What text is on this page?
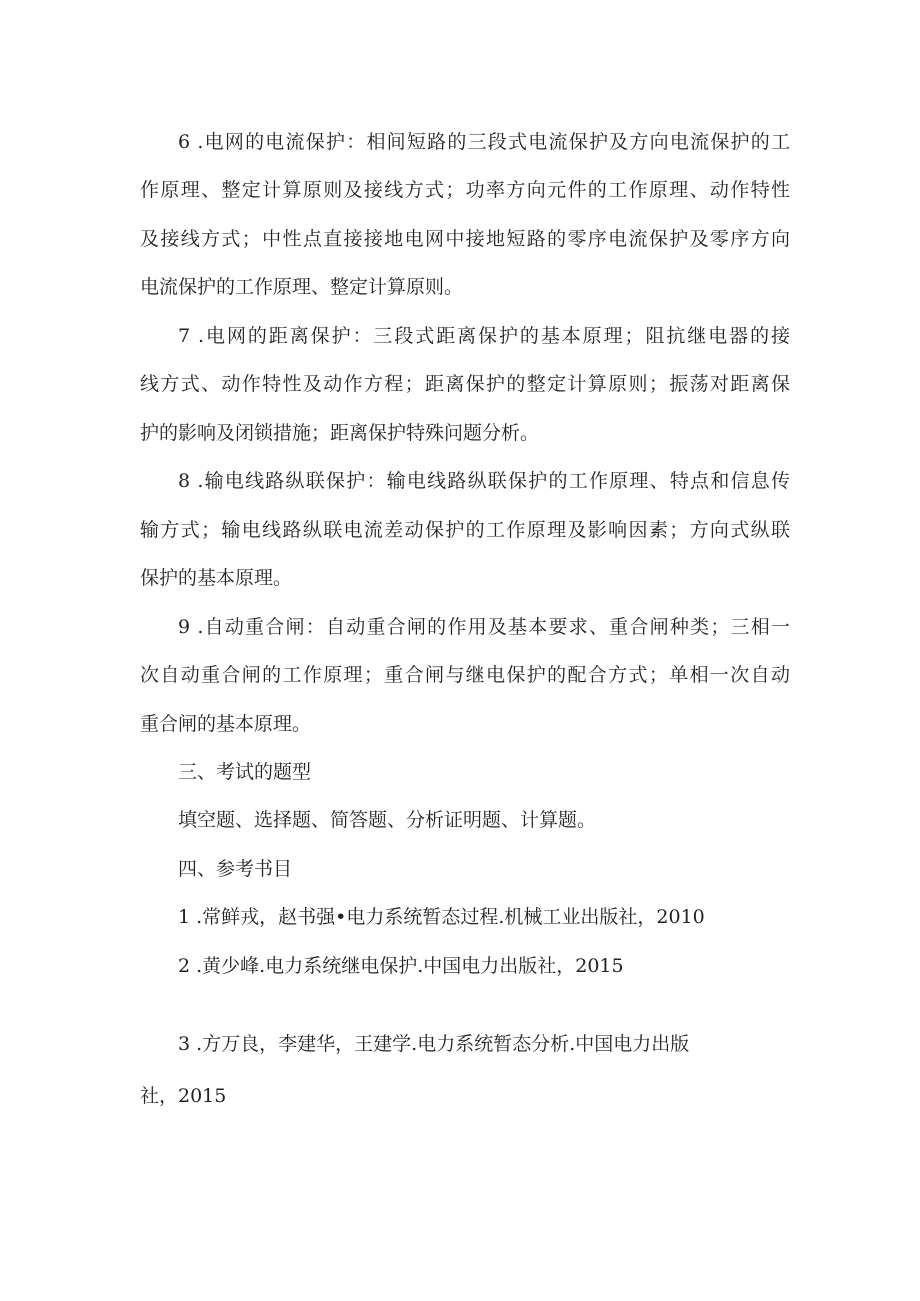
6 .电网的电流保护：相间短路的三段式电流保护及方向电流保护的工
作原理、整定计算原则及接线方式；功率方向元件的工作原理、动作特性
及接线方式；中性点直接接地电网中接地短路的零序电流保护及零序方向
电流保护的工作原理、整定计算原则。
7 .电网的距离保护：三段式距离保护的基本原理；阻抗继电器的接
线方式、动作特性及动作方程；距离保护的整定计算原则；振荡对距离保
护的影响及闭锁措施；距离保护特殊问题分析。
8 .输电线路纵联保护：输电线路纵联保护的工作原理、特点和信息传
输方式；输电线路纵联电流差动保护的工作原理及影响因素；方向式纵联
保护的基本原理。
9 .自动重合闸：自动重合闸的作用及基本要求、重合闸种类；三相一
次自动重合闸的工作原理；重合闸与继电保护的配合方式；单相一次自动
重合闸的基本原理。
三、考试的题型
填空题、选择题、简答题、分析证明题、计算题。
四、参考书目
1 .常鲜戎，赵书强•电力系统暂态过程.机械工业出版社，2010
2 .黄少峰.电力系统继电保护.中国电力出版社，2015
3 .方万良，李建华，王建学.电力系统暂态分析.中国电力出版
社，2015
